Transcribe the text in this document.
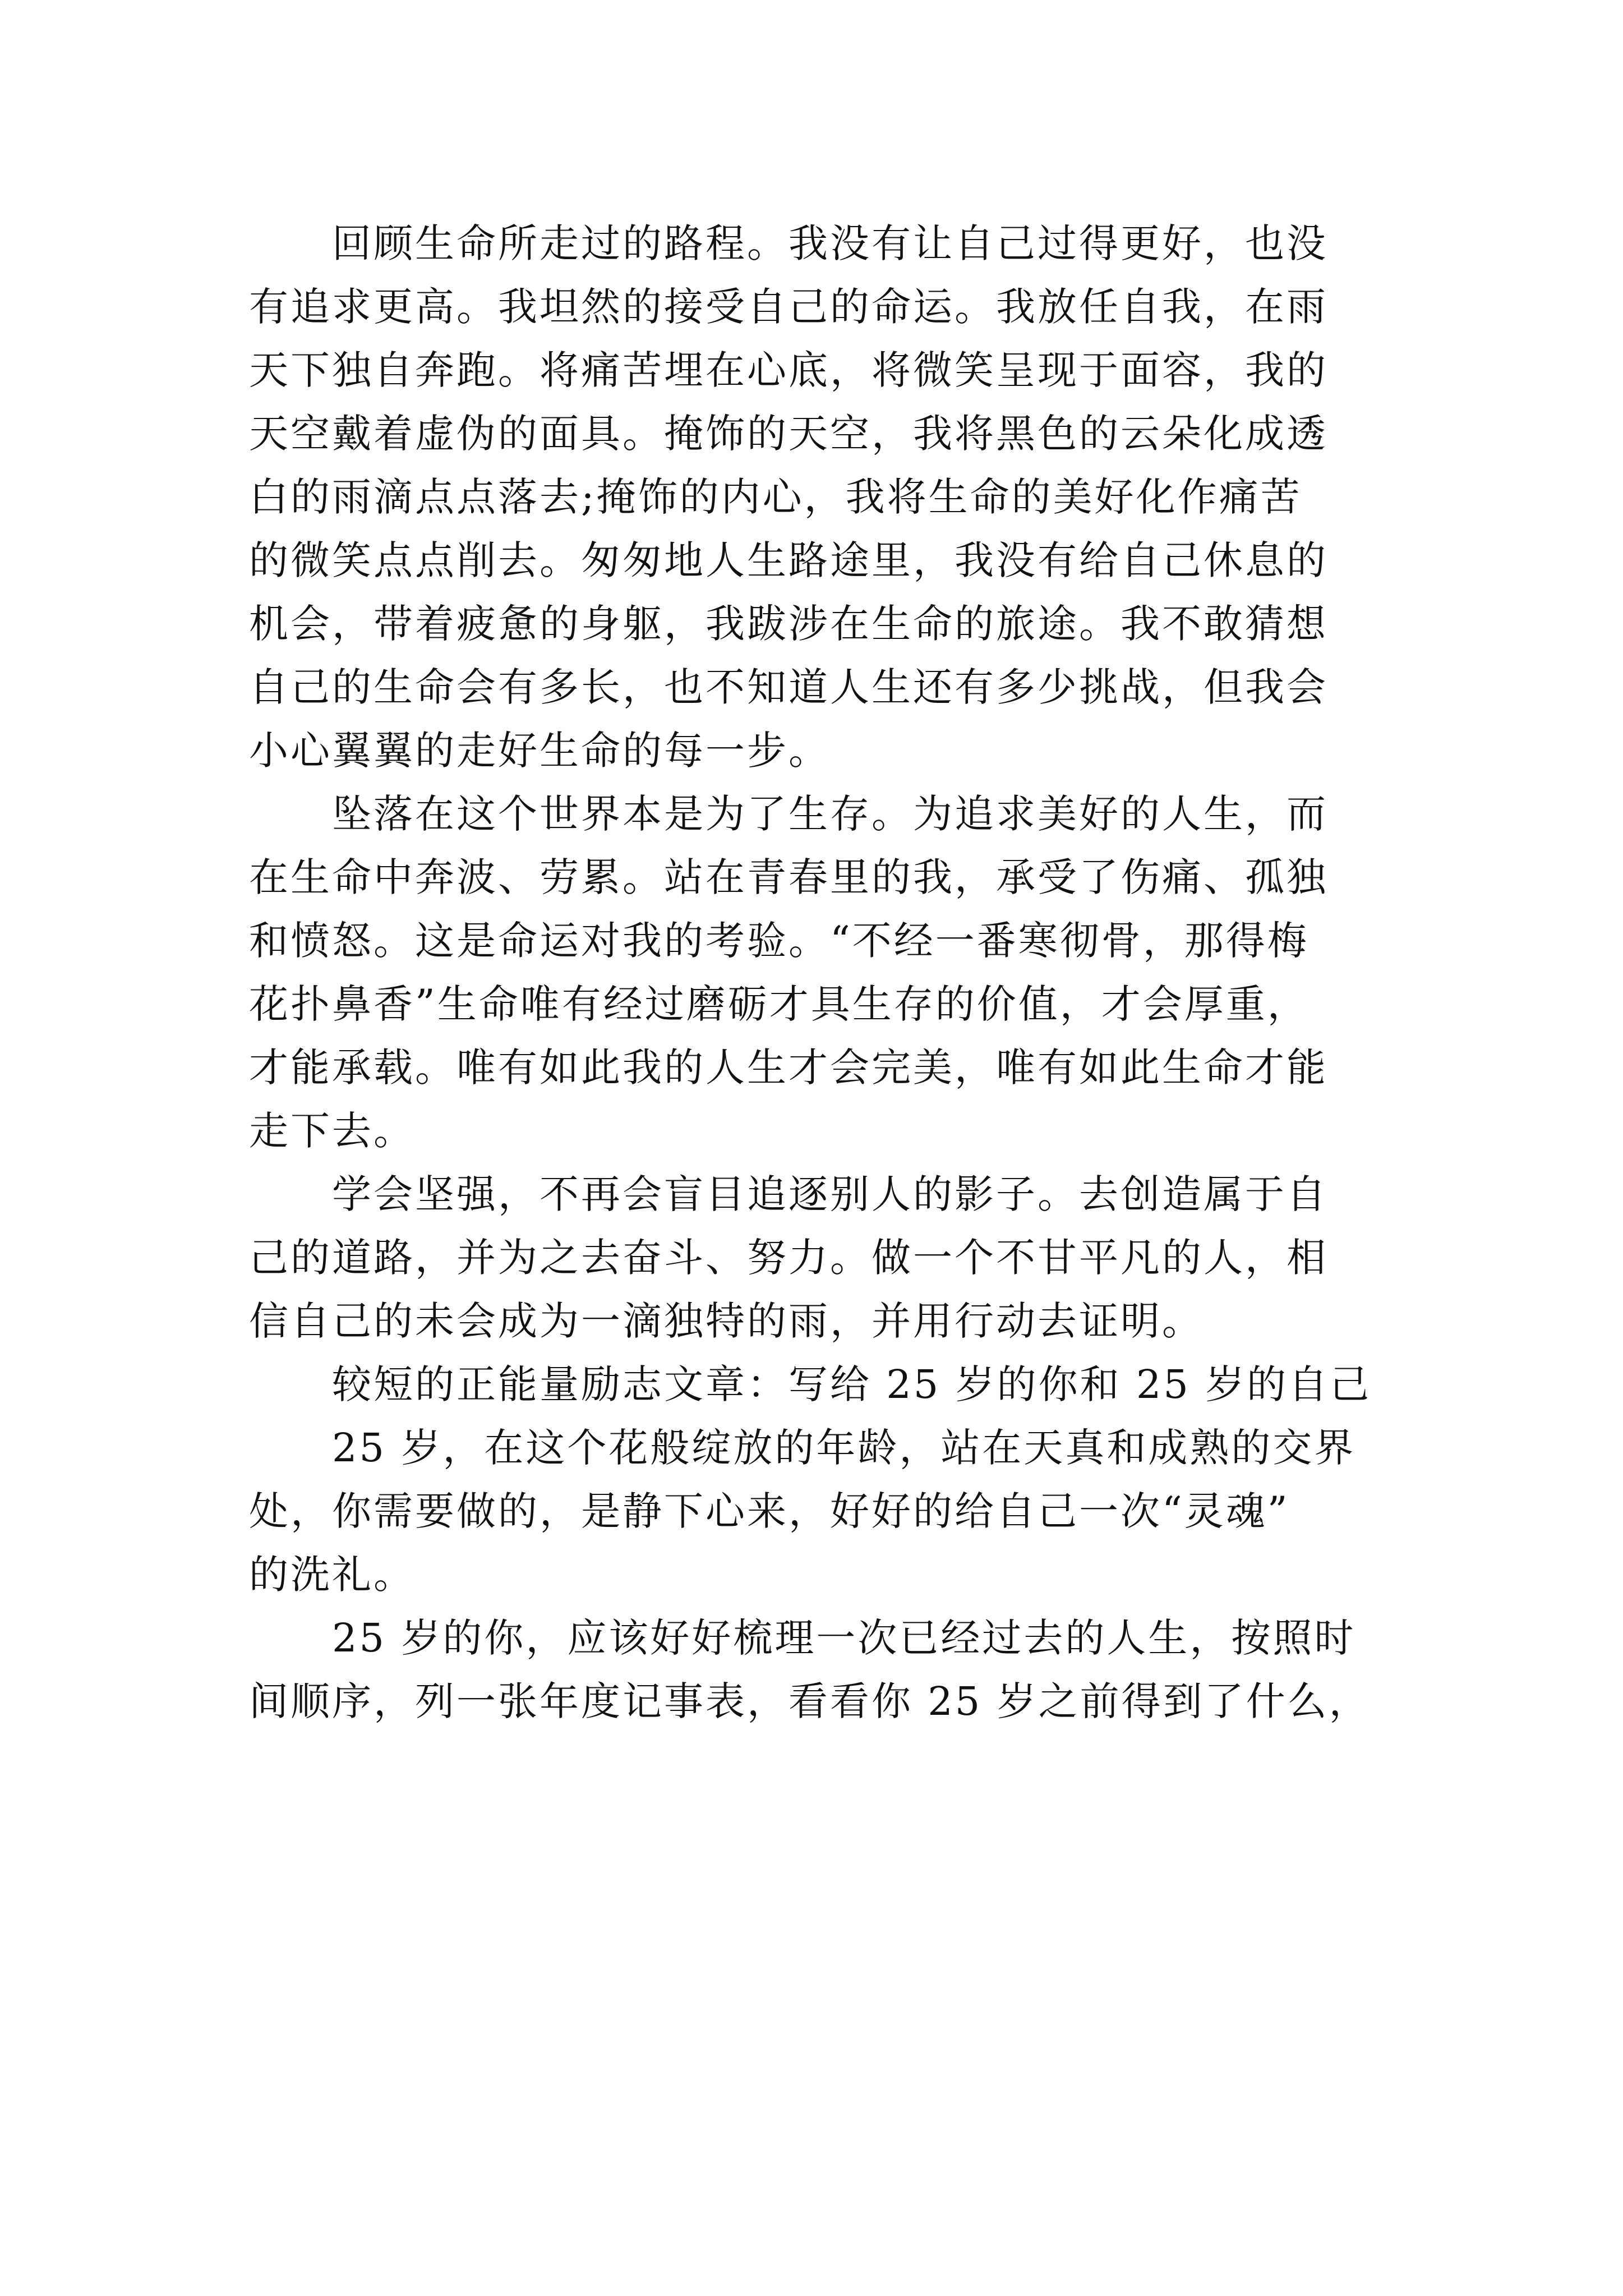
　　回顾生命所走过的路程。我没有让自己过得更好，也没
有追求更高。我坦然的接受自己的命运。我放任自我，在雨
天下独自奔跑。将痛苦埋在心底，将微笑呈现于面容，我的
天空戴着虚伪的面具。掩饰的天空，我将黑色的云朵化成透
白的雨滴点点落去;掩饰的内心，我将生命的美好化作痛苦
的微笑点点削去。匆匆地人生路途里，我没有给自己休息的
机会，带着疲惫的身躯，我跋涉在生命的旅途。我不敢猜想
自己的生命会有多长，也不知道人生还有多少挑战，但我会
小心翼翼的走好生命的每一步。
　　坠落在这个世界本是为了生存。为追求美好的人生，而
在生命中奔波、劳累。站在青春里的我，承受了伤痛、孤独
和愤怒。这是命运对我的考验。“不经一番寒彻骨，那得梅
花扑鼻香”生命唯有经过磨砺才具生存的价值，才会厚重，
才能承载。唯有如此我的人生才会完美，唯有如此生命才能
走下去。
　　学会坚强，不再会盲目追逐别人的影子。去创造属于自
己的道路，并为之去奋斗、努力。做一个不甘平凡的人，相
信自己的未会成为一滴独特的雨，并用行动去证明。
　　较短的正能量励志文章：写给 25 岁的你和 25 岁的自己
　　25 岁，在这个花般绽放的年龄，站在天真和成熟的交界
处，你需要做的，是静下心来，好好的给自己一次“灵魂”
的洗礼。
　　25 岁的你，应该好好梳理一次已经过去的人生，按照时
间顺序，列一张年度记事表，看看你 25 岁之前得到了什么，
